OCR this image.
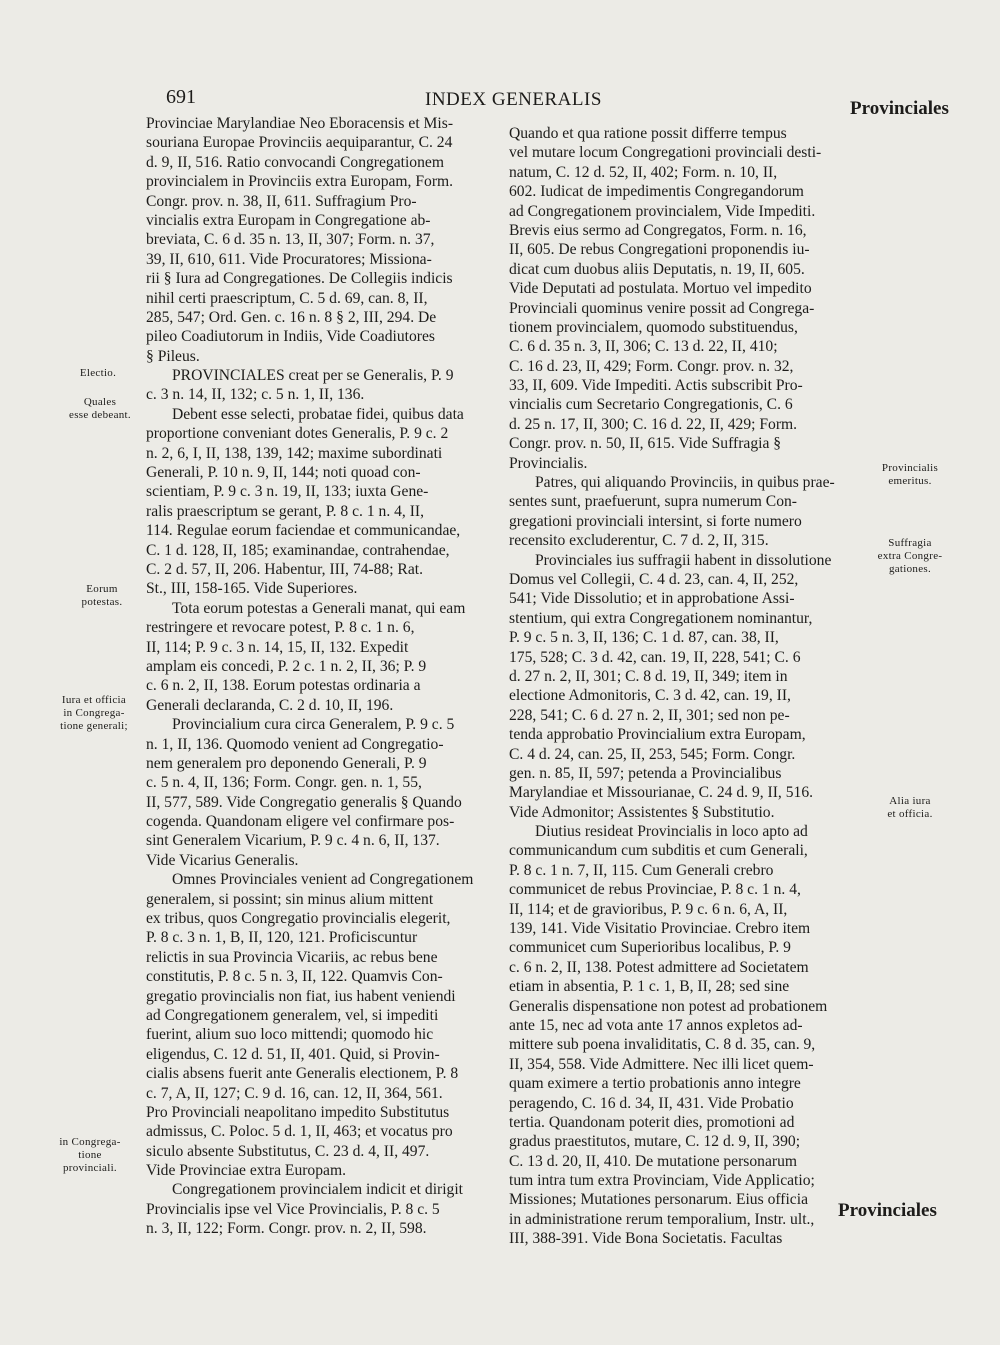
691	INDEX GENERALIS	Provinciales
Provinciales
Electio.
Quales
esse debeant.
Eorum
potestas.
Iura et officia
in Congrega-
tione generali;
in Congrega-
tione
provinciali.
Provincialis
emeritus.
Suffragia
extra Congre-
gationes.
Alia iura
et officia.
Provinciae Marylandiae Neo Eboracensis et Mis-
souriana Europae Provinciis aequiparantur, C. 24
d. 9, II, 516. Ratio convocandi Congregationem
provincialem in Provinciis extra Europam, Form.
Congr. prov. n. 38, II, 611. Suffragium Pro-
vincialis extra Europam in Congregatione ab-
breviata, C. 6 d. 35 n. 13, II, 307; Form. n. 37,
39, II, 610, 611. Vide Procuratores; Missiona-
rii § Iura ad Congregationes. De Collegiis indicis
nihil certi praescriptum, C. 5 d. 69, can. 8, II,
285, 547; Ord. Gen. c. 16 n. 8 § 2, III, 294. De
pileo Coadiutorum in Indiis, Vide Coadiutores
§ Pileus.
PROVINCIALES creat per se Generalis, P. 9
c. 3 n. 14, II, 132; c. 5 n. 1, II, 136.
Debent esse selecti, probatae fidei, quibus data
proportione conveniant dotes Generalis, P. 9 c. 2
n. 2, 6, I, II, 138, 139, 142; maxime subordinati
Generali, P. 10 n. 9, II, 144; noti quoad con-
scientiam, P. 9 c. 3 n. 19, II, 133; iuxta Gene-
ralis praescriptum se gerant, P. 8 c. 1 n. 4, II,
114. Regulae eorum faciendae et communicandae,
C. 1 d. 128, II, 185; examinandae, contrahendae,
C. 2 d. 57, II, 206. Habentur, III, 74-88; Rat.
St., III, 158-165. Vide Superiores.
Tota eorum potestas a Generali manat, qui eam
restringere et revocare potest, P. 8 c. 1 n. 6,
II, 114; P. 9 c. 3 n. 14, 15, II, 132. Expedit
amplam eis concedi, P. 2 c. 1 n. 2, II, 36; P. 9
c. 6 n. 2, II, 138. Eorum potestas ordinaria a
Generali declaranda, C. 2 d. 10, II, 196.
Provincialium cura circa Generalem, P. 9 c. 5
n. 1, II, 136. Quomodo venient ad Congregatio-
nem generalem pro deponendo Generali, P. 9
c. 5 n. 4, II, 136; Form. Congr. gen. n. 1, 55,
II, 577, 589. Vide Congregatio generalis § Quando
cogenda. Quandonam eligere vel confirmare pos-
sint Generalem Vicarium, P. 9 c. 4 n. 6, II, 137.
Vide Vicarius Generalis.
Omnes Provinciales venient ad Congregationem
generalem, si possint; sin minus alium mittent
ex tribus, quos Congregatio provincialis elegerit,
P. 8 c. 3 n. 1, B, II, 120, 121. Proficiscuntur
relictis in sua Provincia Vicariis, ac rebus bene
constitutis, P. 8 c. 5 n. 3, II, 122. Quamvis Con-
gregatio provincialis non fiat, ius habent veniendi
ad Congregationem generalem, vel, si impediti
fuerint, alium suo loco mittendi; quomodo hic
eligendus, C. 12 d. 51, II, 401. Quid, si Provin-
cialis absens fuerit ante Generalis electionem, P. 8
c. 7, A, II, 127; C. 9 d. 16, can. 12, II, 364, 561.
Pro Provinciali neapolitano impedito Substitutus
admissus, C. Poloc. 5 d. 1, II, 463; et vocatus pro
siculo absente Substitutus, C. 23 d. 4, II, 497.
Vide Provinciae extra Europam.
Congregationem provincialem indicit et dirigit
Provincialis ipse vel Vice Provincialis, P. 8 c. 5
n. 3, II, 122; Form. Congr. prov. n. 2, II, 598.
Quando et qua ratione possit differre tempus
vel mutare locum Congregationi provinciali desti-
natum, C. 12 d. 52, II, 402; Form. n. 10, II,
602. Iudicat de impedimentis Congregandorum
ad Congregationem provincialem, Vide Impediti.
Brevis eius sermo ad Congregatos, Form. n. 16,
II, 605. De rebus Congregationi proponendis iu-
dicat cum duobus aliis Deputatis, n. 19, II, 605.
Vide Deputati ad postulata. Mortuo vel impedito
Provinciali quominus venire possit ad Congrega-
tionem provincialem, quomodo substituendus,
C. 6 d. 35 n. 3, II, 306; C. 13 d. 22, II, 410;
C. 16 d. 23, II, 429; Form. Congr. prov. n. 32,
33, II, 609. Vide Impediti. Actis subscribit Pro-
vincialis cum Secretario Congregationis, C. 6
d. 25 n. 17, II, 300; C. 16 d. 22, II, 429; Form.
Congr. prov. n. 50, II, 615. Vide Suffragia §
Provincialis.
Patres, qui aliquando Provinciis, in quibus prae-
sentes sunt, praefuerunt, supra numerum Con-
gregationi provinciali intersint, si forte numero
recensito excluderentur, C. 7 d. 2, II, 315.
Provinciales ius suffragii habent in dissolutione
Domus vel Collegii, C. 4 d. 23, can. 4, II, 252,
541; Vide Dissolutio; et in approbatione Assi-
stentium, qui extra Congregationem nominantur,
P. 9 c. 5 n. 3, II, 136; C. 1 d. 87, can. 38, II,
175, 528; C. 3 d. 42, can. 19, II, 228, 541; C. 6
d. 27 n. 2, II, 301; C. 8 d. 19, II, 349; item in
electione Admonitoris, C. 3 d. 42, can. 19, II,
228, 541; C. 6 d. 27 n. 2, II, 301; sed non pe-
tenda approbatio Provincialium extra Europam,
C. 4 d. 24, can. 25, II, 253, 545; Form. Congr.
gen. n. 85, II, 597; petenda a Provincialibus
Marylandiae et Missourianae, C. 24 d. 9, II, 516.
Vide Admonitor; Assistentes § Substitutio.
Diutius resideat Provincialis in loco apto ad
communicandum cum subditis et cum Generali,
P. 8 c. 1 n. 7, II, 115. Cum Generali crebro
communicet de rebus Provinciae, P. 8 c. 1 n. 4,
II, 114; et de gravioribus, P. 9 c. 6 n. 6, A, II,
139, 141. Vide Visitatio Provinciae. Crebro item
communicet cum Superioribus localibus, P. 9
c. 6 n. 2, II, 138. Potest admittere ad Societatem
etiam in absentia, P. 1 c. 1, B, II, 28; sed sine
Generalis dispensatione non potest ad probationem
ante 15, nec ad vota ante 17 annos expletos ad-
mittere sub poena invaliditatis, C. 8 d. 35, can. 9,
II, 354, 558. Vide Admittere. Nec illi licet quem-
quam eximere a tertio probationis anno integre
peragendo, C. 16 d. 34, II, 431. Vide Probatio
tertia. Quandonam poterit dies, promotioni ad
gradus praestitutos, mutare, C. 12 d. 9, II, 390;
C. 13 d. 20, II, 410. De mutatione personarum
tum intra tum extra Provinciam, Vide Applicatio;
Missiones; Mutationes personarum. Eius officia
in administratione rerum temporalium, Instr. ult.,
III, 388-391. Vide Bona Societatis. Facultas
